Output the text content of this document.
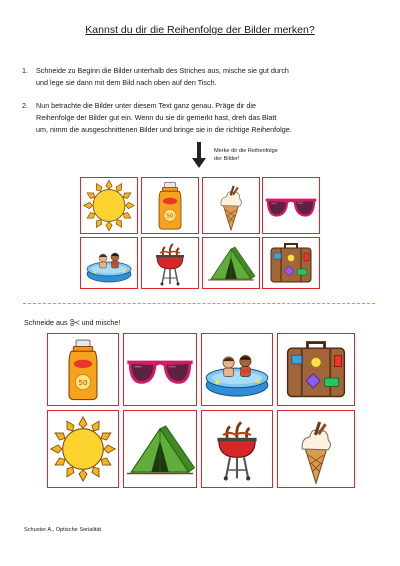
Kannst du dir die Reihenfolge der Bilder merken?
1. Schneide zu Beginn die Bilder unterhalb des Striches aus, mische sie gut durch
und lege sie dann mit dem Bild nach oben auf den Tisch.
2. Nun betrachte die Bilder unter diesem Text ganz genau. Präge dir die
Reihenfolge der Bilder gut ein. Wenn du sie dir gemerkt hast, dreh das Blatt
um, nimm die ausgeschnittenen Bilder und bringe sie in die richtige Reihenfolge.
Merke dir die Reihenfolge
der Bilder!
50
Schneide aus und mische!
50
Schuster A., Optische Serialität
